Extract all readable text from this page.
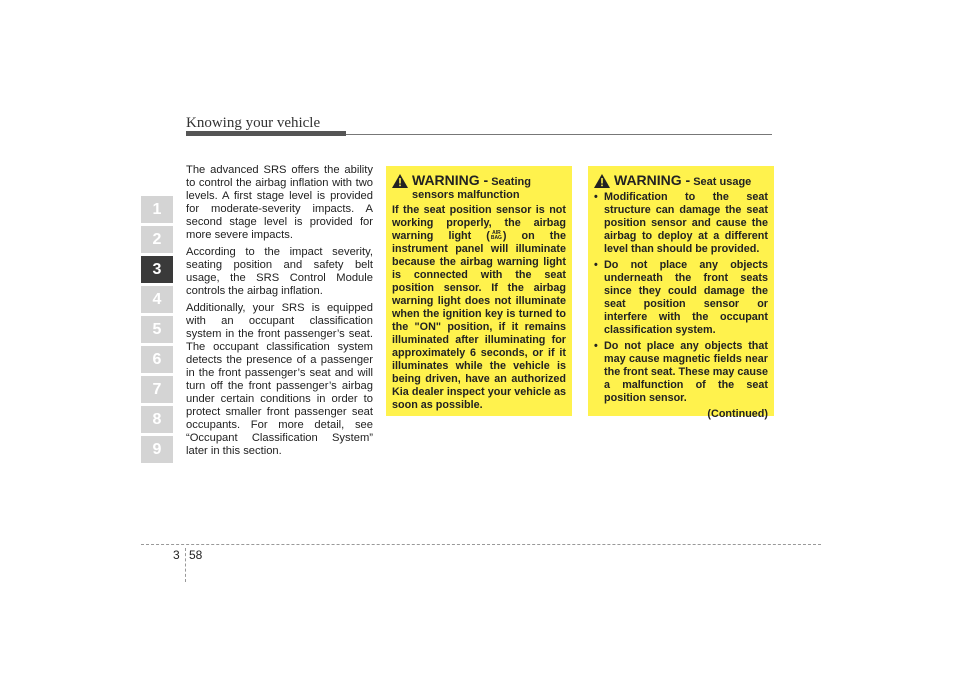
Knowing your vehicle
1
2
3
4
5
6
7
8
9

The advanced SRS offers the ability to control the airbag inflation with two levels. A first stage level is provided for moderate-severity impacts. A second stage level is provided for more severe impacts.

According to the impact severity, seating position and safety belt usage, the SRS Control Module controls the airbag inflation.

Additionally, your SRS is equipped with an occupant classification system in the front passenger’s seat. The occupant classification system detects the presence of a passenger in the front passenger’s seat and will turn off the front passenger’s airbag under certain conditions in order to protect smaller front passenger seat occupants. For more detail, see “Occupant Classification System” later in this section.

WARNING - Seating sensors malfunction
If the seat position sensor is not working properly, the airbag warning light ( AIR
BAG) on the instrument panel will illuminate because the airbag warning light is connected with the seat position sensor. If the airbag warning light does not illuminate when the ignition key is turned to the "ON" position, if it remains illuminated after illuminating for approximately 6 seconds, or if it illuminates while the vehicle is being driven, have an authorized Kia dealer inspect your vehicle as soon as possible.
WARNING - Seat usage
• Modification to the seat structure can damage the seat position sensor and cause the airbag to deploy at a different level than should be provided.
• Do not place any objects underneath the front seats since they could damage the seat position sensor or interfere with the occupant classification system.
• Do not place any objects that may cause magnetic fields near the front seat. These may cause a malfunction of the seat position sensor.
(Continued)
3 58
